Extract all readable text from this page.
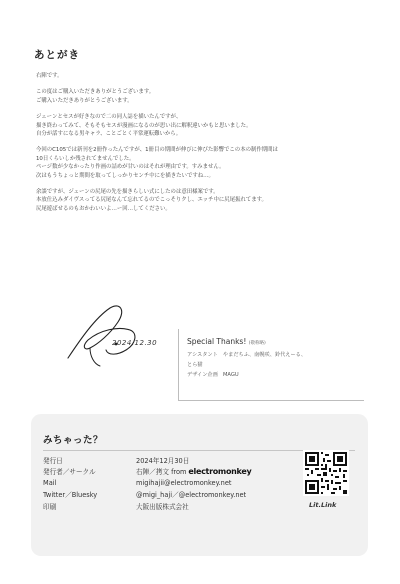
あとがき
右陣です。
この度はご購入いただきありがとうございます。
ご購入いただきありがとうございます。
ジェーンとセスが好きなので二の同人誌を描いたんですが、
描き終わってみて、そもそもセスが漫画になるのが思い出に解釈違いかもと思いました。
自分が話すになる男キャラ、ことごとく平常運転難いから。
今回のC105では新刊を2冊作ったんですが、1冊目の期間が伸びに伸びた影響でこの本の制作期間は
10日くらいしか残されてませんでした。
ページ数が少なかったり作画の詰めが甘いのはそれが理由です。すみません。
次はもうちょっと期間を取ってしっかりセンチ中にを描きたいですね…。
余談ですが、ジェーンの尻尾の先を描きらしい式にしたのは意田様案です。
本放仕込みダイヴスってる尻尾なんて忘れてるのでこっそりクし、エッチ中に尻尾振れてます。
尻尾遊ばせるのもおかわいいよ…ー回…してください。
2024.12.30	Special Thanks! (敬称略)
アシスタント　やまだちふ、南幌咲、鈴代えーる、
とら猫
デザイン企画　MAGU
みちゃった？
発行日	2024年12月30日
発行者／サークル	右陣／拷文 from electromonkey
Mail	migihajii@electromonkey.net
Twitter／Bluesky	@migi_haji／@electromonkey.net
印刷	大阪出版株式会社	Lit.Link
